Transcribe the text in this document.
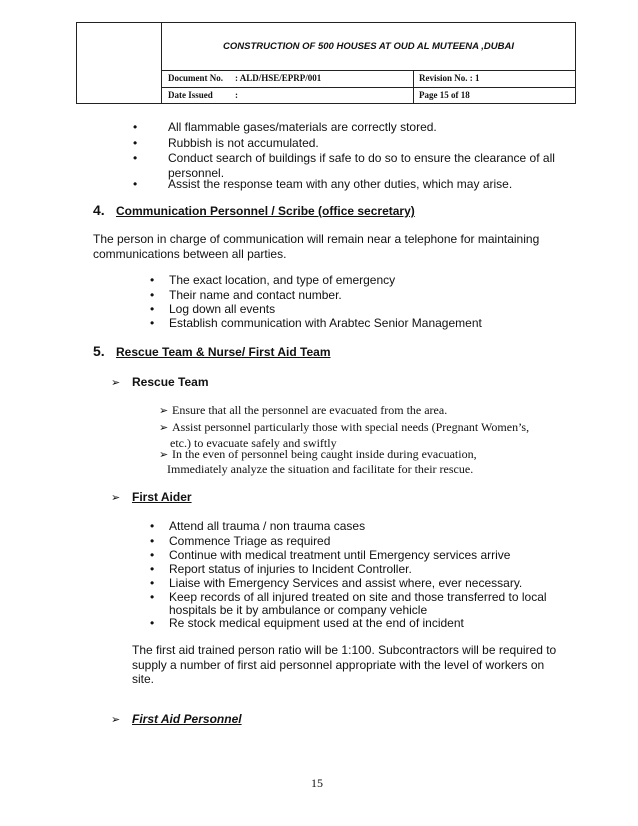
CONSTRUCTION OF 500 HOUSES AT OUD AL MUTEENA ,DUBAI
Document No. : ALD/HSE/EPRP/001	Revision No. : 1
Date Issued :	Page 15 of 18
•	All flammable gases/materials are correctly stored.
•	Rubbish is not accumulated.
•	Conduct search of buildings if safe to do so to ensure the clearance of all
personnel.
•	Assist the response team with any other duties, which may arise.
4. Communication Personnel / Scribe (office secretary)
The person in charge of communication will remain near a telephone for maintaining
communications between all parties.
• The exact location, and type of emergency
• Their name and contact number.
• Log down all events
• Establish communication with Arabtec Senior Management
5. Rescue Team & Nurse/ First Aid Team
➢ Rescue Team
➢ Ensure that all the personnel are evacuated from the area.
➢ Assist personnel particularly those with special needs (Pregnant Women’s,
etc.) to evacuate safely and swiftly
➢ In the even of personnel being caught inside during evacuation,
Immediately analyze the situation and facilitate for their rescue.
➢ First Aider
• Attend all trauma / non trauma cases
• Commence Triage as required
• Continue with medical treatment until Emergency services arrive
• Report status of injuries to Incident Controller.
• Liaise with Emergency Services and assist where, ever necessary.
• Keep records of all injured treated on site and those transferred to local
hospitals be it by ambulance or company vehicle
• Re stock medical equipment used at the end of incident
The first aid trained person ratio will be 1:100. Subcontractors will be required to
supply a number of first aid personnel appropriate with the level of workers on
site.
➢ First Aid Personnel
15
